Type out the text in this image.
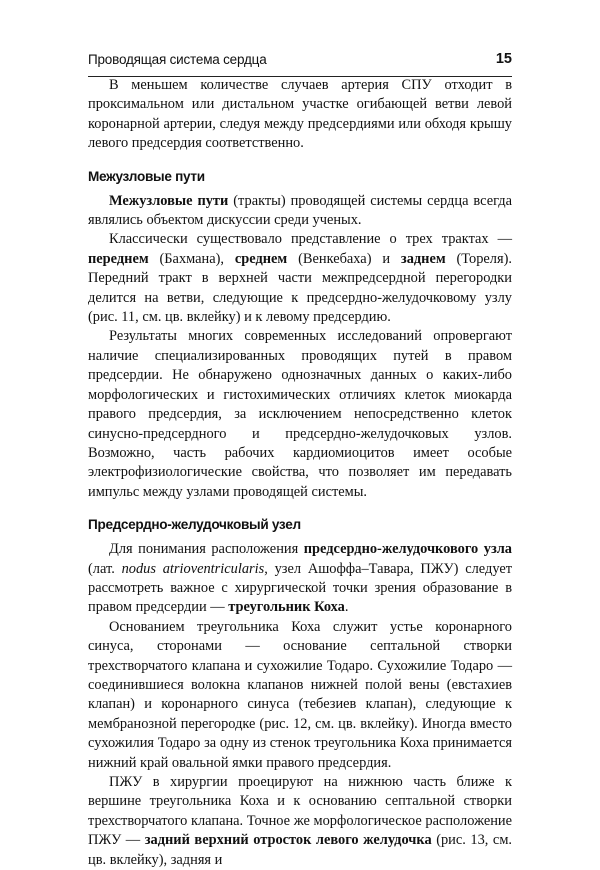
Проводящая система сердца	15

В меньшем количестве случаев артерия СПУ отходит в проксимальном или дистальном участке огибающей ветви левой коронарной артерии, следуя между предсердиями или обходя крышу левого предсердия соответственно.

Межузловые пути

Межузловые пути (тракты) проводящей системы сердца всегда являлись объектом дискуссии среди ученых.

Классически существовало представление о трех трактах — переднем (Бахмана), среднем (Венкебаха) и заднем (Тореля). Передний тракт в верхней части межпредсердной перегородки делится на ветви, следующие к предсердно-желудочковому узлу (рис. 11, см. цв. вклейку) и к левому предсердию.

Результаты многих современных исследований опровергают наличие специализированных проводящих путей в правом предсердии. Не обнаружено однозначных данных о каких-либо морфологических и гистохимических отличиях клеток миокарда правого предсердия, за исключением непосредственно клеток синусно-предсердного и предсердно-желудочковых узлов. Возможно, часть рабочих кардиомиоцитов имеет особые электрофизиологические свойства, что позволяет им передавать импульс между узлами проводящей системы.

Предсердно-желудочковый узел

Для понимания расположения предсердно-желудочкового узла (лат. nodus atrioventricularis, узел Ашоффа–Тавара, ПЖУ) следует рассмотреть важное с хирургической точки зрения образование в правом предсердии — треугольник Коха.

Основанием треугольника Коха служит устье коронарного синуса, сторонами — основание септальной створки трехстворчатого клапана и сухожилие Тодаро. Сухожилие Тодаро — соединившиеся волокна клапанов нижней полой вены (евстахиев клапан) и коронарного синуса (тебезиев клапан), следующие к мембранозной перегородке (рис. 12, см. цв. вклейку). Иногда вместо сухожилия Тодаро за одну из стенок треугольника Коха принимается нижний край овальной ямки правого предсердия.

ПЖУ в хирургии проецируют на нижнюю часть ближе к вершине треугольника Коха и к основанию септальной створки трехстворчатого клапана. Точное же морфологическое расположение ПЖУ — задний верхний отросток левого желудочка (рис. 13, см. цв. вклейку), задняя и
